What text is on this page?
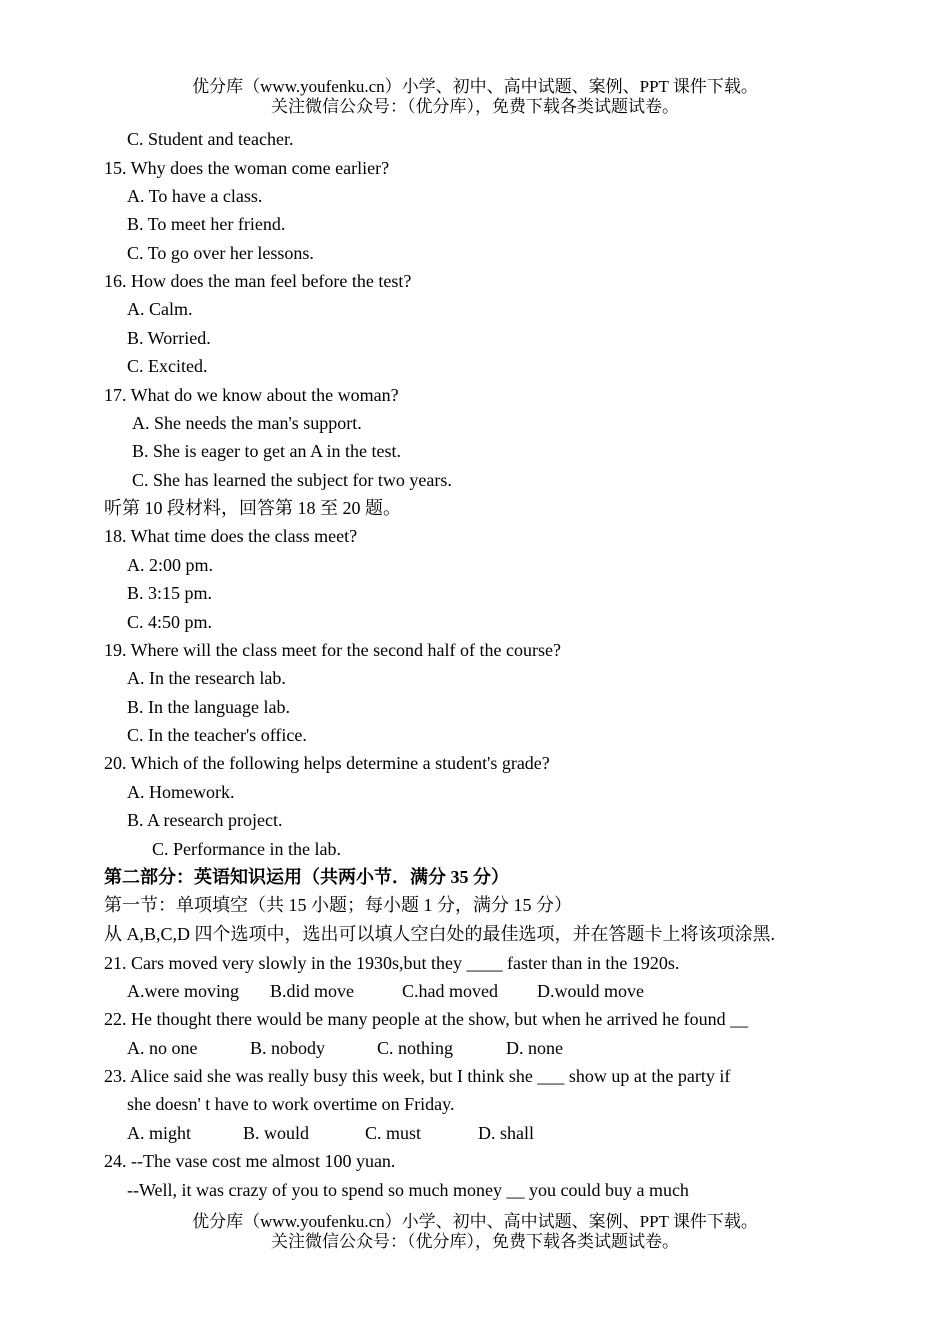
优分库（www.youfenku.cn）小学、初中、高中试题、案例、PPT 课件下载。
关注微信公众号：（优分库），免费下载各类试题试卷。
C. Student and teacher.
15. Why does the woman come earlier?
A. To have a class.
B. To meet her friend.
C. To go over her lessons.
16. How does the man feel before the test?
A. Calm.
B. Worried.
C. Excited.
17. What do we know about the woman?
A. She needs the man's support.
B. She is eager to get an A in the test.
C. She has learned the subject for two years.
听第 10 段材料，回答第 18 至 20 题。
18. What time does the class meet?
A. 2:00 pm.
B. 3:15 pm.
C. 4:50 pm.
19. Where will the class meet for the second half of the course?
A. In the research lab.
B. In the language lab.
C. In the teacher's office.
20. Which of the following helps determine a student's grade?
A. Homework.
B. A research project.
C. Performance in the lab.
第二部分：英语知识运用（共两小节．满分 35 分）
第一节：单项填空（共 15 小题；每小题 1 分，满分 15 分）
从 A,B,C,D 四个选项中，选出可以填人空白处的最佳选项，并在答题卡上将该项涂黑.
21. Cars moved very slowly in the 1930s,but they ____ faster than in the 1920s.
A.were moving B.did move	C.had moved D.would move
22. He thought there would be many people at the show, but when he arrived he found __
A. no one	B. nobody	C. nothing	D. none
23. Alice said she was really busy this week, but I think she ___ show up at the party if
she doesn' t have to work overtime on Friday.
A. might	B. would	C. must	D. shall
24. --The vase cost me almost 100 yuan.
--Well, it was crazy of you to spend so much money __ you could buy a much
优分库（www.youfenku.cn）小学、初中、高中试题、案例、PPT 课件下载。
关注微信公众号：（优分库），免费下载各类试题试卷。
